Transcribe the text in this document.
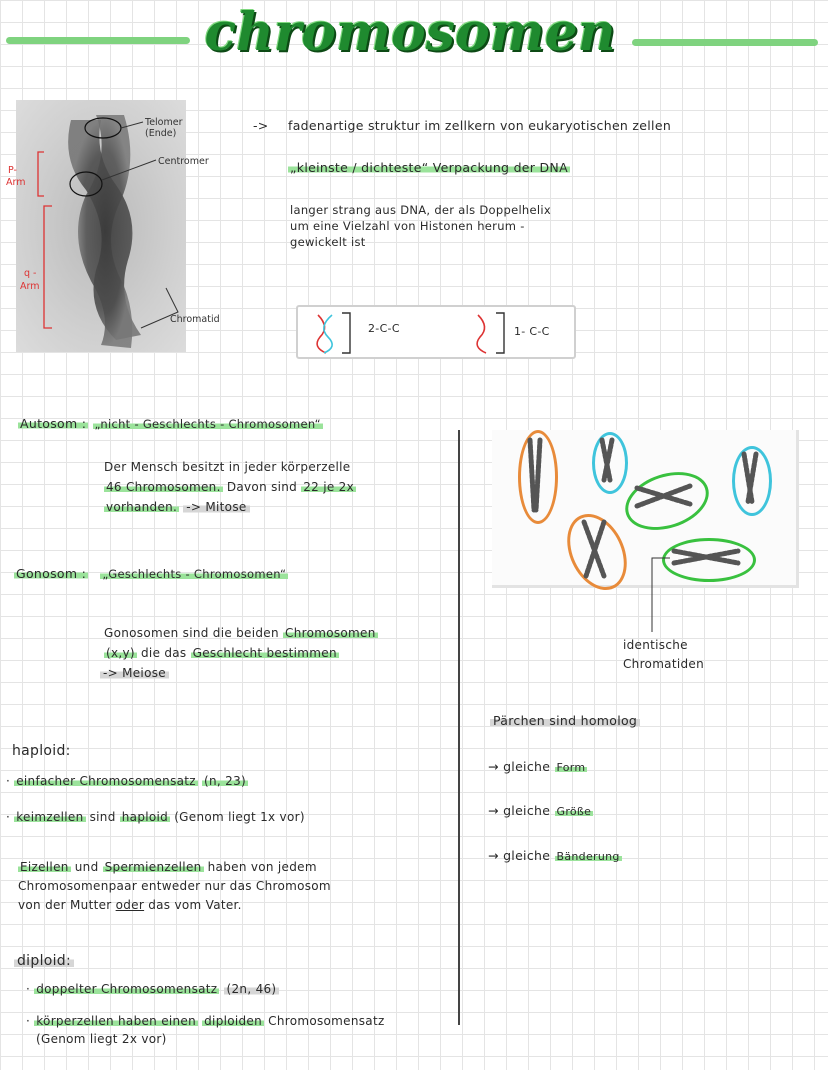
chromosomen
Telomer
(Ende)
Centromer
P-
Arm
q -
Arm
Chromatid
-> fadenartige struktur im zellkern von eukaryotischen zellen
„kleinste / dichteste“ Verpackung der DNA
langer strang aus DNA, der als Doppelhelix
um eine Vielzahl von Histonen herum -
gewickelt ist
2-C-C	1- C-C
Autosom : „nicht - Geschlechts - Chromosomen“
Der Mensch besitzt in jeder körperzelle
46 Chromosomen. Davon sind 22 je 2x
vorhanden. -> Mitose
Gonosom : „Geschlechts - Chromosomen“
Gonosomen sind die beiden Chromosomen
(x,y) die das Geschlecht bestimmen
-> Meiose
haploid:
· einfacher Chromosomensatz (n, 23)
· keimzellen sind haploid (Genom liegt 1x vor)
Eizellen und Spermienzellen haben von jedem
Chromosomenpaar entweder nur das Chromosom
von der Mutter oder das vom Vater.
diploid:
· doppelter Chromosomensatz (2n, 46)
· körperzellen haben einen diploiden Chromosomensatz
(Genom liegt 2x vor)
identische
Chromatiden
Pärchen sind homolog
→ gleiche Form
→ gleiche Größe
→ gleiche Bänderung
